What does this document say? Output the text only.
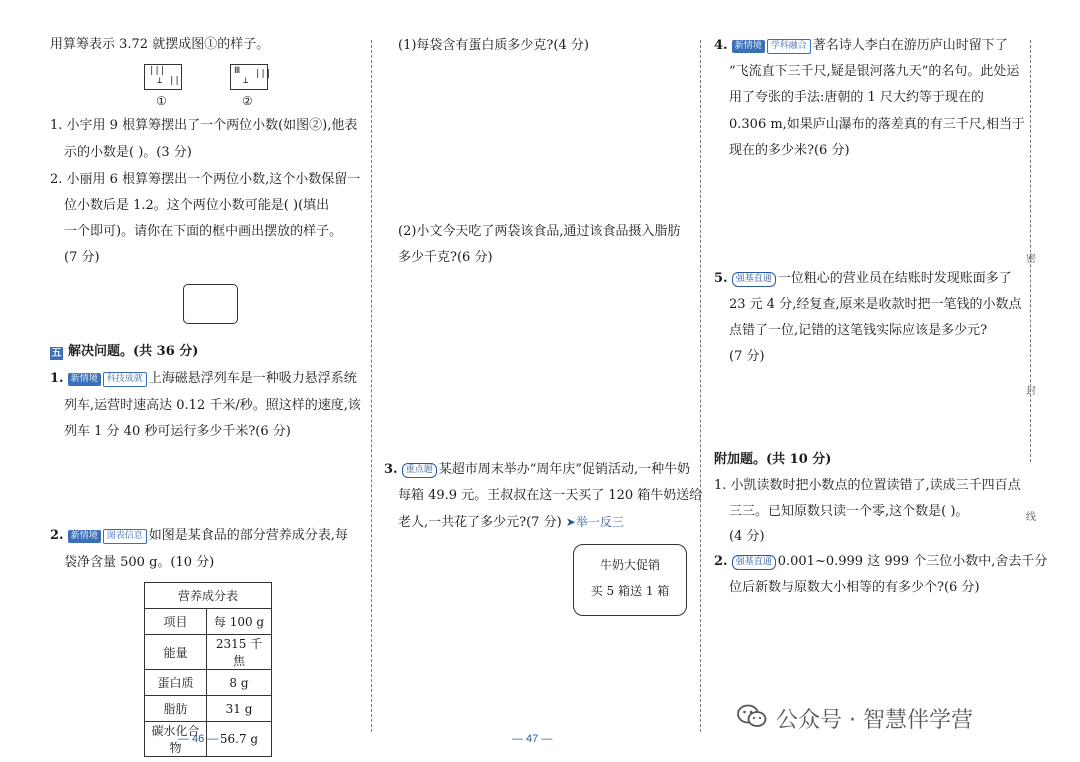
用算筹表示 3.72 就摆成图①的样子。
|||
⊥ ||
①
Ⅲ
⊥
|||
②
1. 小宇用 9 根算筹摆出了一个两位小数(如图②),他表
示的小数是( )。(3 分)
2. 小丽用 6 根算筹摆出一个两位小数,这个小数保留一
位小数后是 1.2。这个两位小数可能是( )(填出
一个即可)。请你在下面的框中画出摆放的样子。
(7 分)
五 解决问题。(共 36 分)
1. 新情境 科技成就 上海磁悬浮列车是一种吸力悬浮系统
列车,运营时速高达 0.12 千米/秒。照这样的速度,该
列车 1 分 40 秒可运行多少千米?(6 分)
2. 新情境 图表信息 如图是某食品的部分营养成分表,每
袋净含量 500 g。(10 分)
营养成分表	
项目	每 100 g
能量	2315 千焦
蛋白质	8 g
脂肪	31 g
碳水化合物	56.7 g
— 46 —
(1)每袋含有蛋白质多少克?(4 分)
(2)小文今天吃了两袋该食品,通过该食品摄入脂肪
多少千克?(6 分)
3. 重点题 某超市周末举办“周年庆”促销活动,一种牛奶
每箱 49.9 元。王叔叔在这一天买了 120 箱牛奶送给
老人,一共花了多少元?(7 分) ➤举一反三
牛奶大促销
买 5 箱送 1 箱
— 47 —
4. 新情境 学科融合 著名诗人李白在游历庐山时留下了
“飞流直下三千尺,疑是银河落九天”的名句。此处运
用了夸张的手法:唐朝的 1 尺大约等于现在的
0.306 m,如果庐山瀑布的落差真的有三千尺,相当于
现在的多少米?(6 分)
5. 强基直通 一位粗心的营业员在结账时发现账面多了
23 元 4 分,经复查,原来是收款时把一笔钱的小数点
点错了一位,记错的这笔钱实际应该是多少元?
(7 分)
附加题。(共 10 分)
1. 小凯读数时把小数点的位置读错了,读成三千四百点
三三。已知原数只读一个零,这个数是( )。
(4 分)
2. 强基直通 0.001~0.999 这 999 个三位小数中,舍去千分
位后新数与原数大小相等的有多少个?(6 分)
密
封
线
公众号 · 智慧伴学营
